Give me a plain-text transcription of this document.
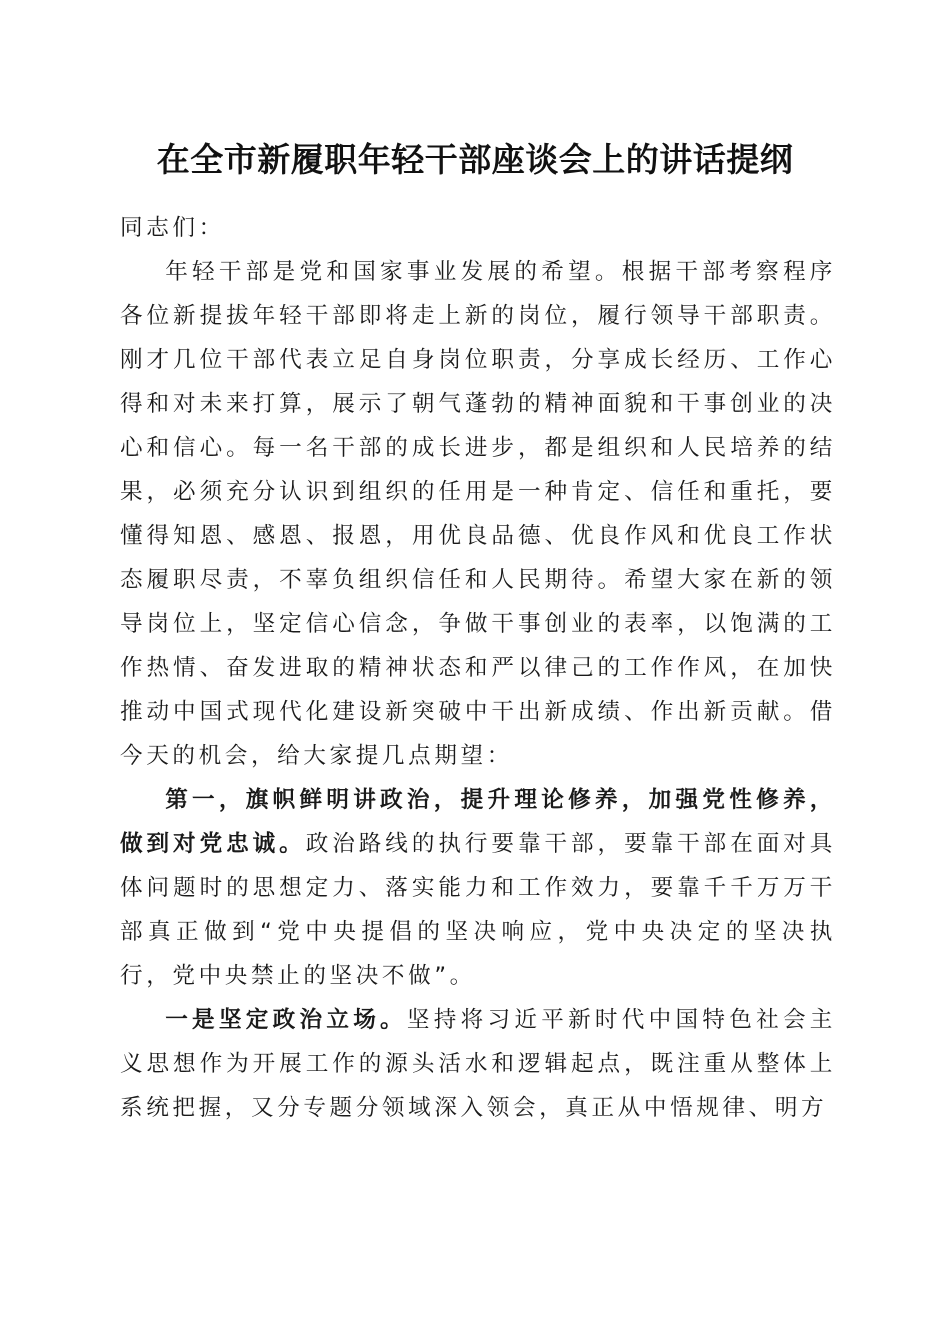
在全市新履职年轻干部座谈会上的讲话提纲

同志们：

年轻干部是党和国家事业发展的希望。根据干部考察程序各位新提拔年轻干部即将走上新的岗位，履行领导干部职责。刚才几位干部代表立足自身岗位职责，分享成长经历、工作心得和对未来打算，展示了朝气蓬勃的精神面貌和干事创业的决心和信心。每一名干部的成长进步，都是组织和人民培养的结果，必须充分认识到组织的任用是一种肯定、信任和重托，要懂得知恩、感恩、报恩，用优良品德、优良作风和优良工作状态履职尽责，不辜负组织信任和人民期待。希望大家在新的领导岗位上，坚定信心信念，争做干事创业的表率，以饱满的工作热情、奋发进取的精神状态和严以律己的工作作风，在加快推动中国式现代化建设新突破中干出新成绩、作出新贡献。借今天的机会，给大家提几点期望：

第一，旗帜鲜明讲政治，提升理论修养，加强党性修养，做到对党忠诚。政治路线的执行要靠干部，要靠干部在面对具体问题时的思想定力、落实能力和工作效力，要靠千千万万干部真正做到“党中央提倡的坚决响应，党中央决定的坚决执行，党中央禁止的坚决不做”。

一是坚定政治立场。坚持将习近平新时代中国特色社会主义思想作为开展工作的源头活水和逻辑起点，既注重从整体上系统把握，又分专题分领域深入领会，真正从中悟规律、明方
